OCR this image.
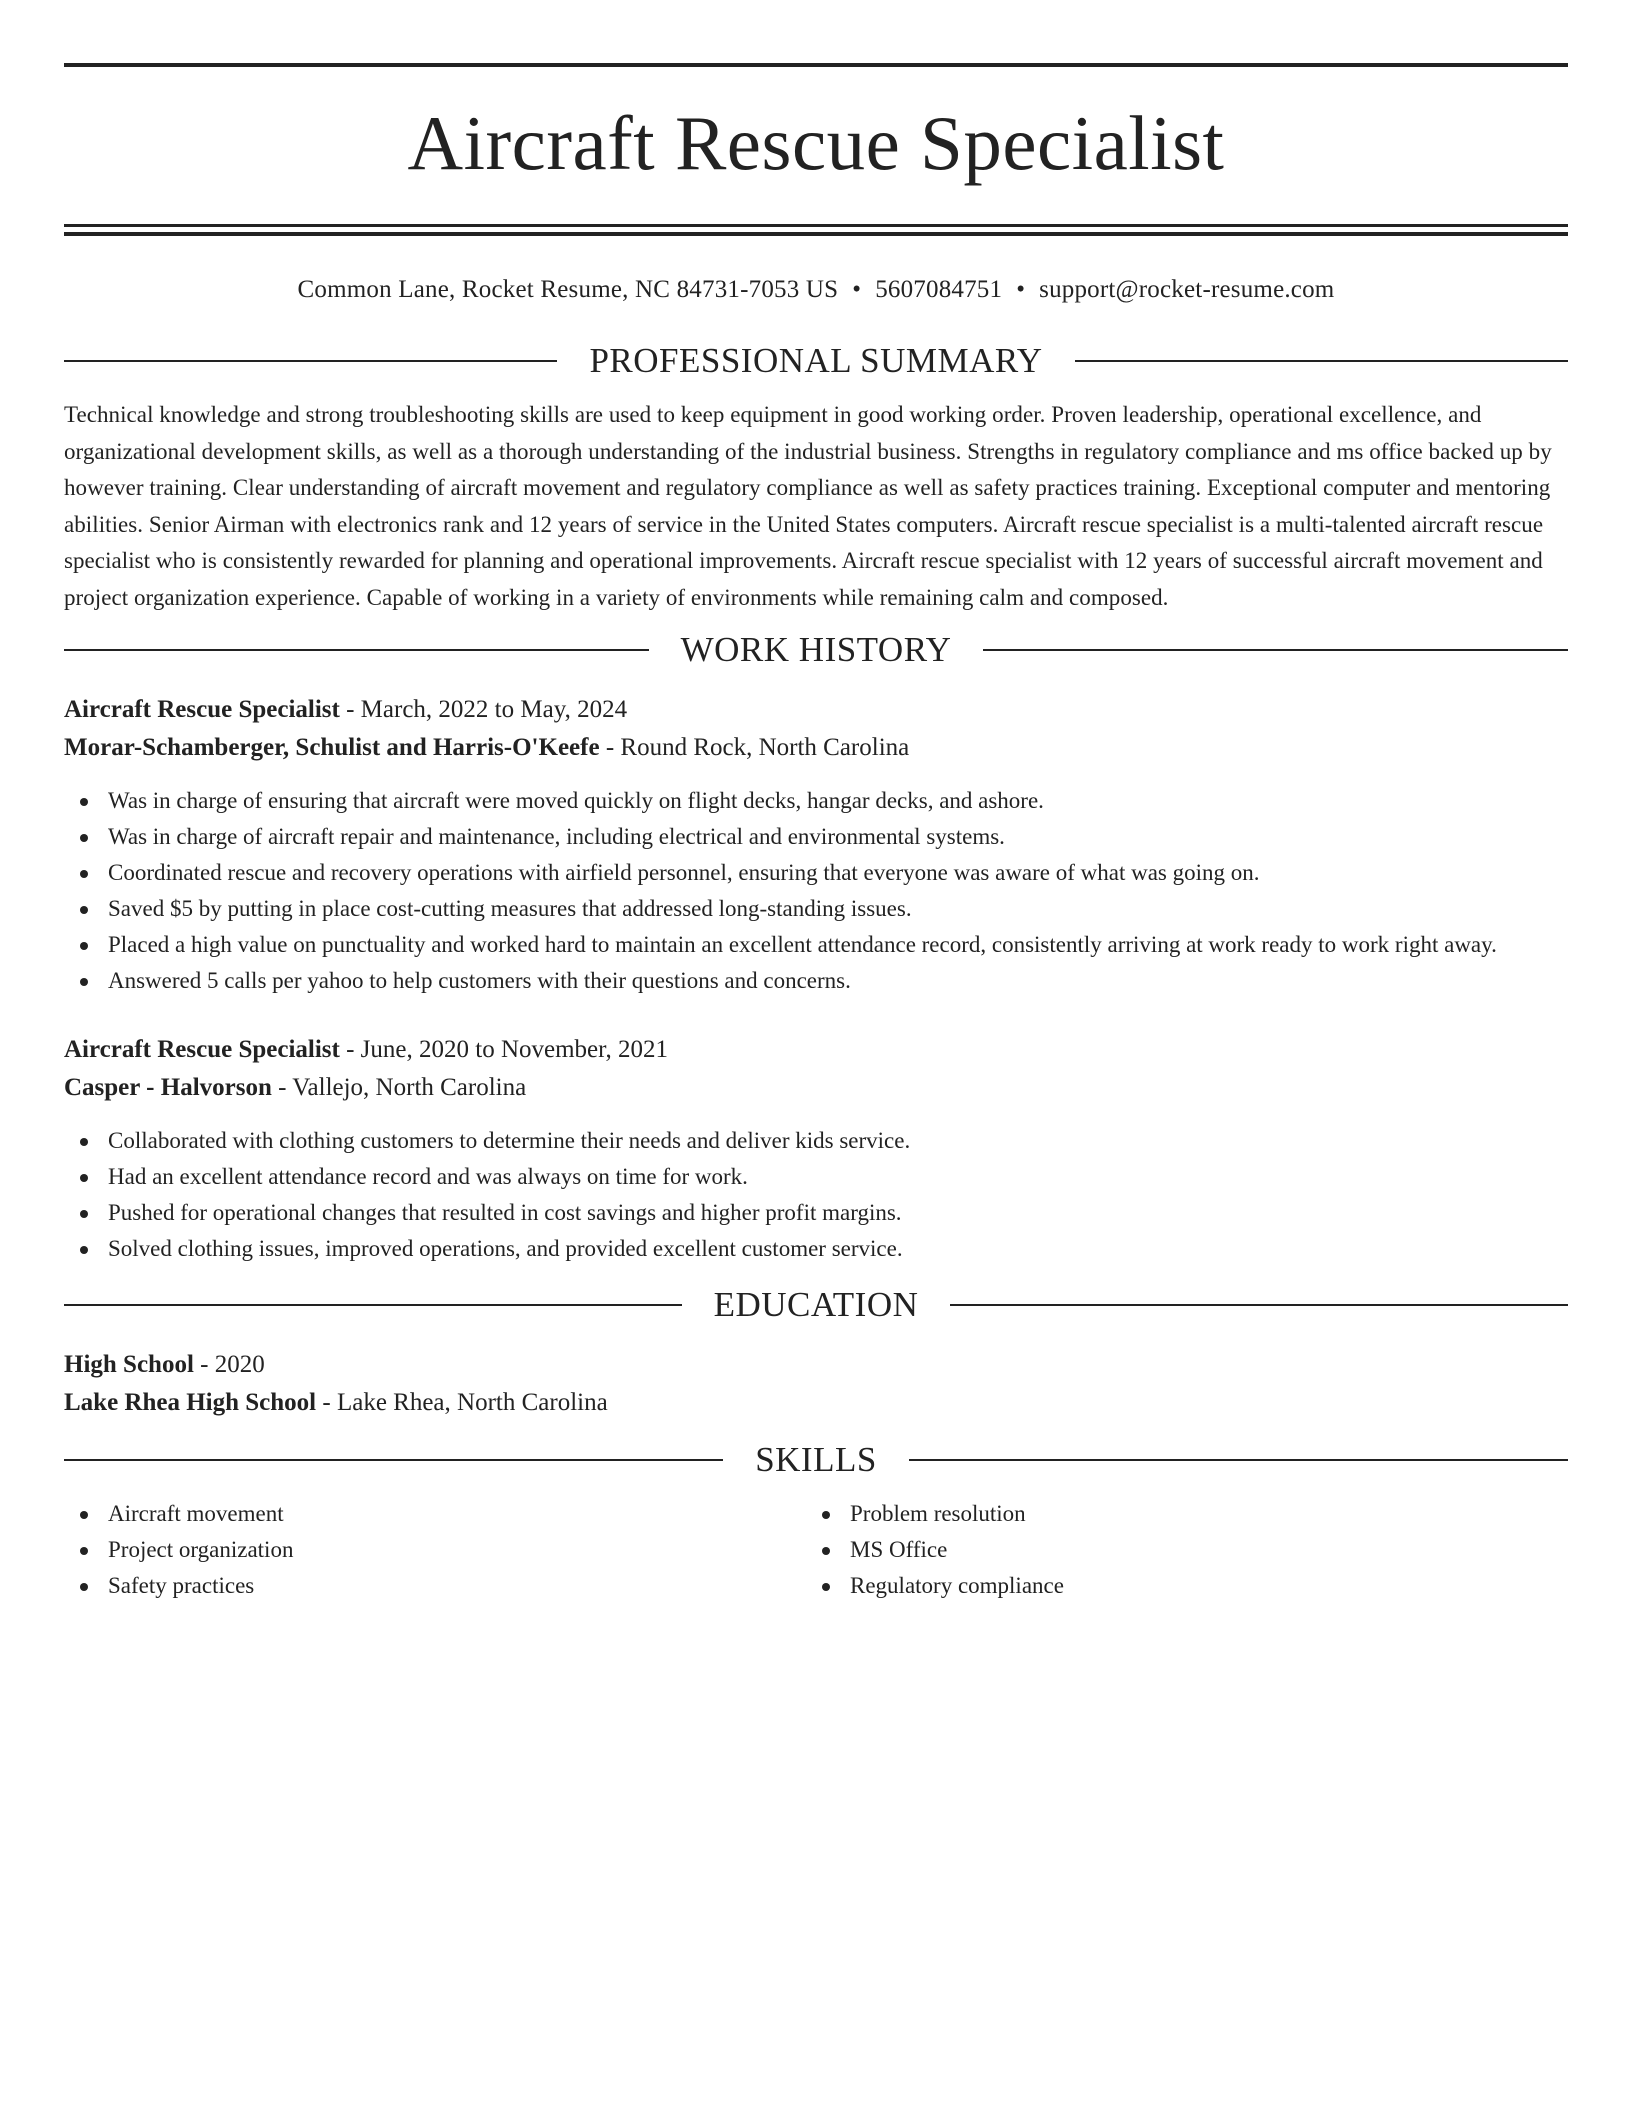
Aircraft Rescue Specialist
Common Lane, Rocket Resume, NC 84731-7053 US • 5607084751 • support@rocket-resume.com
PROFESSIONAL SUMMARY

Technical knowledge and strong troubleshooting skills are used to keep equipment in good working order. Proven leadership, operational excellence, and organizational development skills, as well as a thorough understanding of the industrial business. Strengths in regulatory compliance and ms office backed up by however training. Clear understanding of aircraft movement and regulatory compliance as well as safety practices training. Exceptional computer and mentoring abilities. Senior Airman with electronics rank and 12 years of service in the United States computers. Aircraft rescue specialist is a multi-talented aircraft rescue specialist who is consistently rewarded for planning and operational improvements. Aircraft rescue specialist with 12 years of successful aircraft movement and project organization experience. Capable of working in a variety of environments while remaining calm and composed.

WORK HISTORY
Aircraft Rescue Specialist - March, 2022 to May, 2024
Morar-Schamberger, Schulist and Harris-O'Keefe - Round Rock, North Carolina
Was in charge of ensuring that aircraft were moved quickly on flight decks, hangar decks, and ashore.
Was in charge of aircraft repair and maintenance, including electrical and environmental systems.
Coordinated rescue and recovery operations with airfield personnel, ensuring that everyone was aware of what was going on.
Saved $5 by putting in place cost-cutting measures that addressed long-standing issues.
Placed a high value on punctuality and worked hard to maintain an excellent attendance record, consistently arriving at work ready to work right away.
Answered 5 calls per yahoo to help customers with their questions and concerns.
Aircraft Rescue Specialist - June, 2020 to November, 2021
Casper - Halvorson - Vallejo, North Carolina
Collaborated with clothing customers to determine their needs and deliver kids service.
Had an excellent attendance record and was always on time for work.
Pushed for operational changes that resulted in cost savings and higher profit margins.
Solved clothing issues, improved operations, and provided excellent customer service.
EDUCATION
High School - 2020
Lake Rhea High School - Lake Rhea, North Carolina
SKILLS
Aircraft movement
Project organization
Safety practices
Problem resolution
MS Office
Regulatory compliance
